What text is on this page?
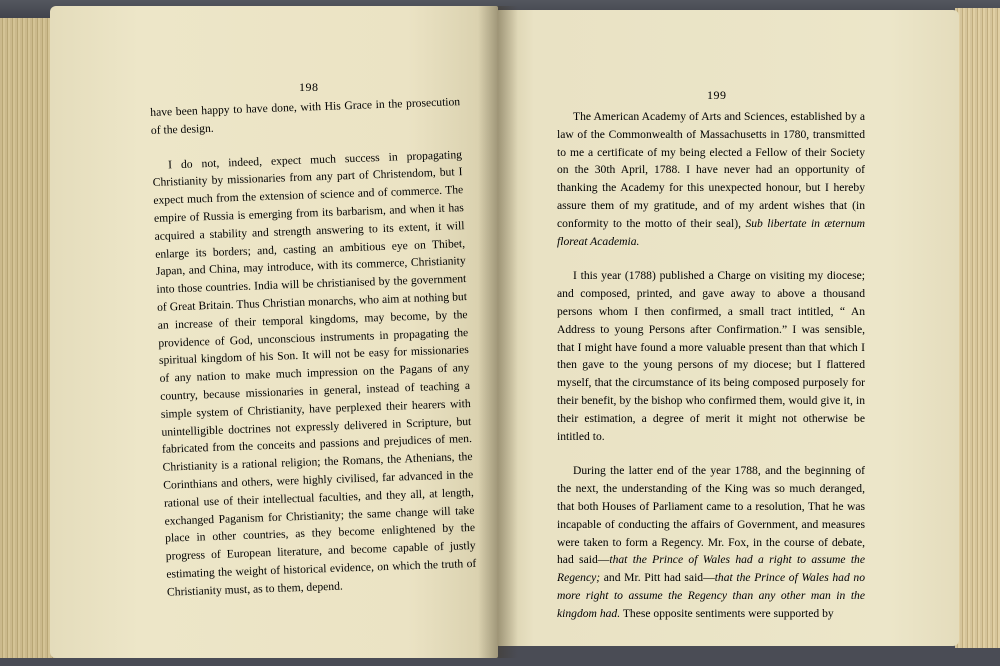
198
199

have been happy to have done, with His Grace in the prosecution of the design.

I do not, indeed, expect much success in propagating Christianity by missionaries from any part of Christendom, but I expect much from the extension of science and of commerce. The empire of Russia is emerging from its barbarism, and when it has acquired a stability and strength answering to its extent, it will enlarge its borders; and, casting an ambitious eye on Thibet, Japan, and China, may introduce, with its commerce, Christianity into those countries. India will be christianised by the government of Great Britain. Thus Christian monarchs, who aim at nothing but an increase of their temporal kingdoms, may become, by the providence of God, unconscious instruments in propagating the spiritual kingdom of his Son. It will not be easy for missionaries of any nation to make much impression on the Pagans of any country, because missionaries in general, instead of teaching a simple system of Christianity, have perplexed their hearers with unintelligible doctrines not expressly delivered in Scripture, but fabricated from the conceits and passions and prejudices of men. Christianity is a rational religion; the Romans, the Athenians, the Corinthians and others, were highly civilised, far advanced in the rational use of their intellectual faculties, and they all, at length, exchanged Paganism for Christianity; the same change will take place in other countries, as they become enlightened by the progress of European literature, and become capable of justly estimating the weight of historical evidence, on which the truth of Christianity must, as to them, depend.

The American Academy of Arts and Sciences, established by a law of the Commonwealth of Massachusetts in 1780, transmitted to me a certificate of my being elected a Fellow of their Society on the 30th April, 1788. I have never had an opportunity of thanking the Academy for this unexpected honour, but I hereby assure them of my gratitude, and of my ardent wishes that (in conformity to the motto of their seal), Sub libertate in æternum floreat Academia.

I this year (1788) published a Charge on visiting my diocese; and composed, printed, and gave away to above a thousand persons whom I then confirmed, a small tract intitled, “ An Address to young Persons after Confirmation.” I was sensible, that I might have found a more valuable present than that which I then gave to the young persons of my diocese; but I flattered myself, that the circumstance of its being composed purposely for their benefit, by the bishop who confirmed them, would give it, in their estimation, a degree of merit it might not otherwise be intitled to.

During the latter end of the year 1788, and the beginning of the next, the understanding of the King was so much deranged, that both Houses of Parliament came to a resolution, That he was incapable of conducting the affairs of Government, and measures were taken to form a Regency. Mr. Fox, in the course of debate, had said—that the Prince of Wales had a right to assume the Regency; and Mr. Pitt had said—that the Prince of Wales had no more right to assume the Regency than any other man in the kingdom had. These opposite sentiments were supported by
